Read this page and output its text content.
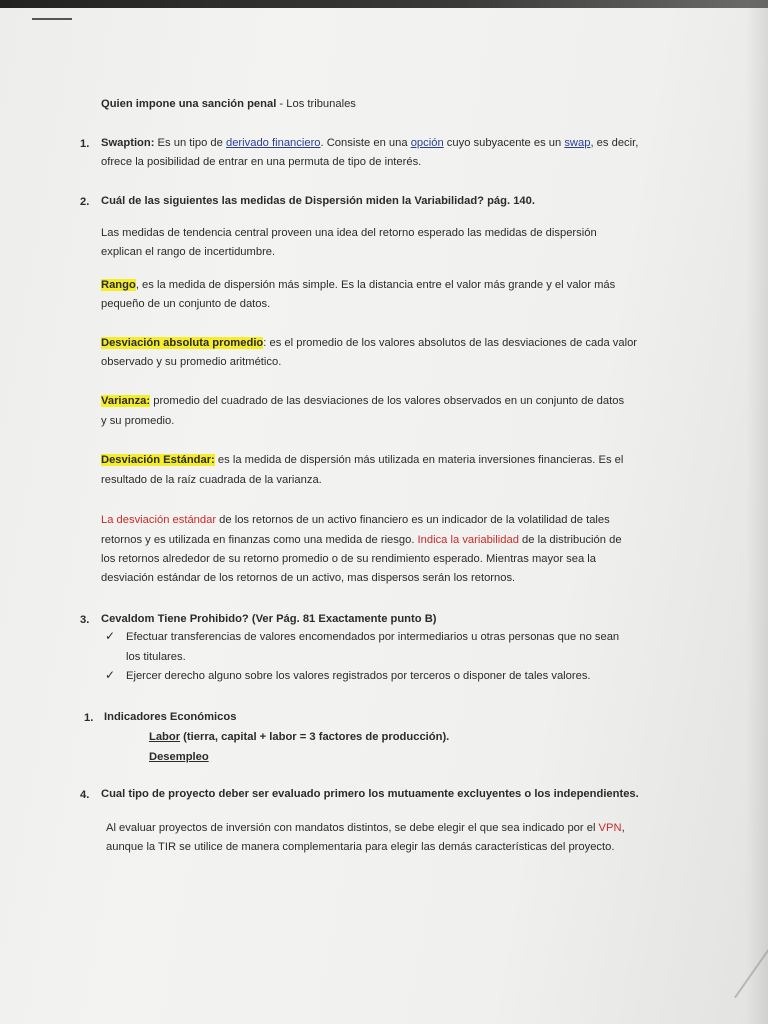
Quien impone una sanción penal - Los tribunales
1. Swaption: Es un tipo de derivado financiero. Consiste en una opción cuyo subyacente es un swap, es decir,
ofrece la posibilidad de entrar en una permuta de tipo de interés.
2. Cuál de las siguientes las medidas de Dispersión miden la Variabilidad? pág. 140.
Las medidas de tendencia central proveen una idea del retorno esperado las medidas de dispersión
explican el rango de incertidumbre.
Rango, es la medida de dispersión más simple. Es la distancia entre el valor más grande y el valor más
pequeño de un conjunto de datos.
Desviación absoluta promedio: es el promedio de los valores absolutos de las desviaciones de cada valor
observado y su promedio aritmético.
Varianza: promedio del cuadrado de las desviaciones de los valores observados en un conjunto de datos
y su promedio.
Desviación Estándar: es la medida de dispersión más utilizada en materia inversiones financieras. Es el
resultado de la raíz cuadrada de la varianza.
La desviación estándar de los retornos de un activo financiero es un indicador de la volatilidad de tales
retornos y es utilizada en finanzas como una medida de riesgo. Indica la variabilidad de la distribución de
los retornos alrededor de su retorno promedio o de su rendimiento esperado. Mientras mayor sea la
desviación estándar de los retornos de un activo, mas dispersos serán los retornos.
3. Cevaldom Tiene Prohibido? (Ver Pág. 81 Exactamente punto B)
✓ Efectuar transferencias de valores encomendados por intermediarios u otras personas que no sean
los titulares.
✓ Ejercer derecho alguno sobre los valores registrados por terceros o disponer de tales valores.
1. Indicadores Económicos
Labor (tierra, capital + labor = 3 factores de producción).
Desempleo
4. Cual tipo de proyecto deber ser evaluado primero los mutuamente excluyentes o los independientes.
Al evaluar proyectos de inversión con mandatos distintos, se debe elegir el que sea indicado por el VPN,
aunque la TIR se utilice de manera complementaria para elegir las demás características del proyecto.
